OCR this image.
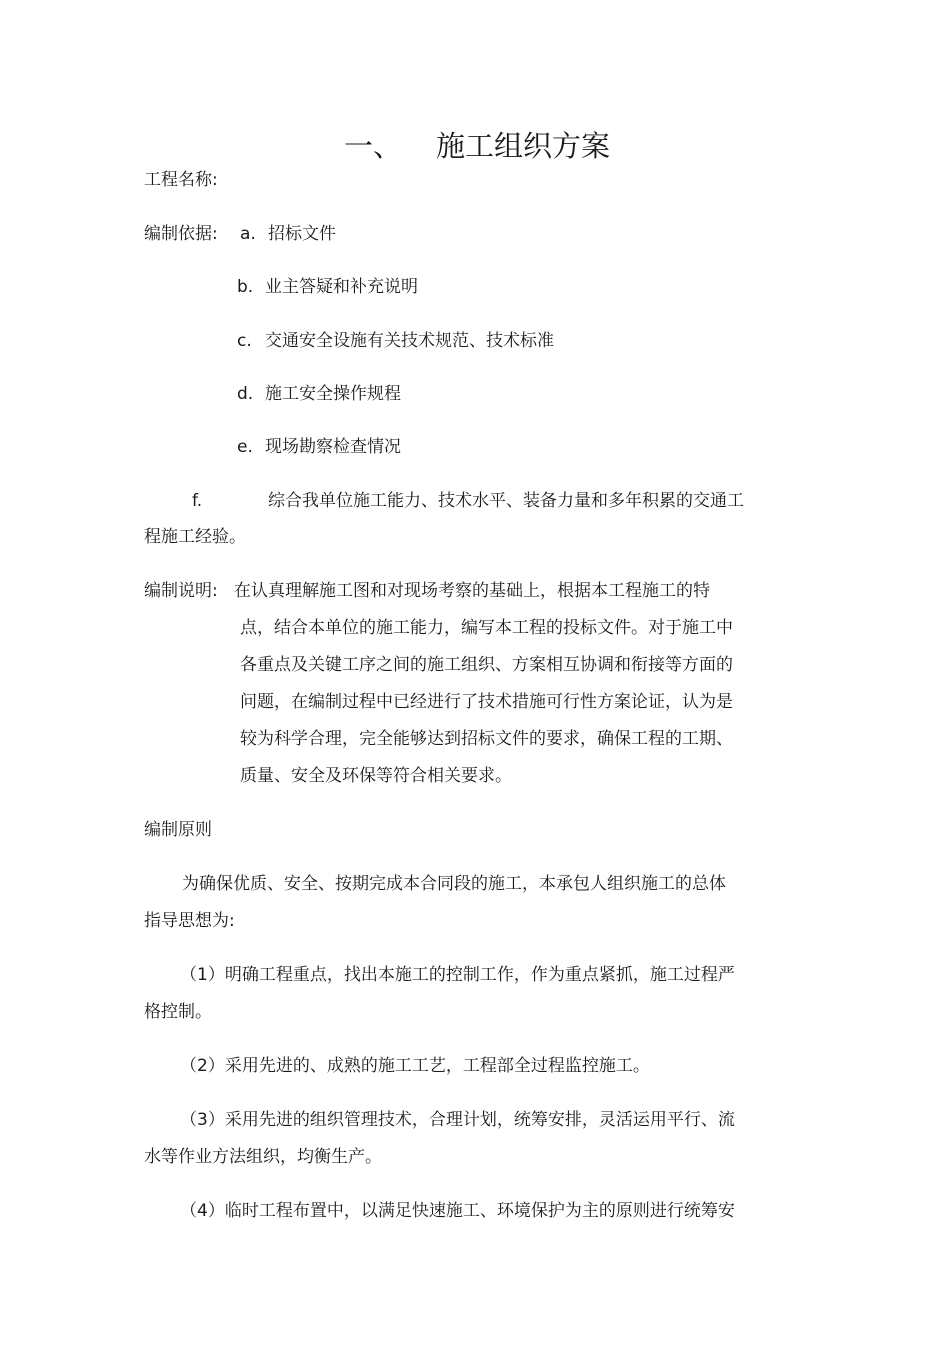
一、 施工组织方案
工程名称:
编制依据: a. 招标文件
b. 业主答疑和补充说明
c. 交通安全设施有关技术规范、技术标准
d. 施工安全操作规程
e. 现场勘察检查情况
f.	综合我单位施工能力、技术水平、装备力量和多年积累的交通工
程施工经验。
编制说明: 在认真理解施工图和对现场考察的基础上，根据本工程施工的特
点，结合本单位的施工能力，编写本工程的投标文件。对于施工中
各重点及关键工序之间的施工组织、方案相互协调和衔接等方面的
问题，在编制过程中已经进行了技术措施可行性方案论证，认为是
较为科学合理，完全能够达到招标文件的要求，确保工程的工期、
质量、安全及环保等符合相关要求。
编制原则
为确保优质、安全、按期完成本合同段的施工，本承包人组织施工的总体
指导思想为:
（1）明确工程重点，找出本施工的控制工作，作为重点紧抓，施工过程严
格控制。
（2）采用先进的、成熟的施工工艺，工程部全过程监控施工。
（3）采用先进的组织管理技术，合理计划，统筹安排，灵活运用平行、流
水等作业方法组织，均衡生产。
（4）临时工程布置中，以满足快速施工、环境保护为主的原则进行统筹安
